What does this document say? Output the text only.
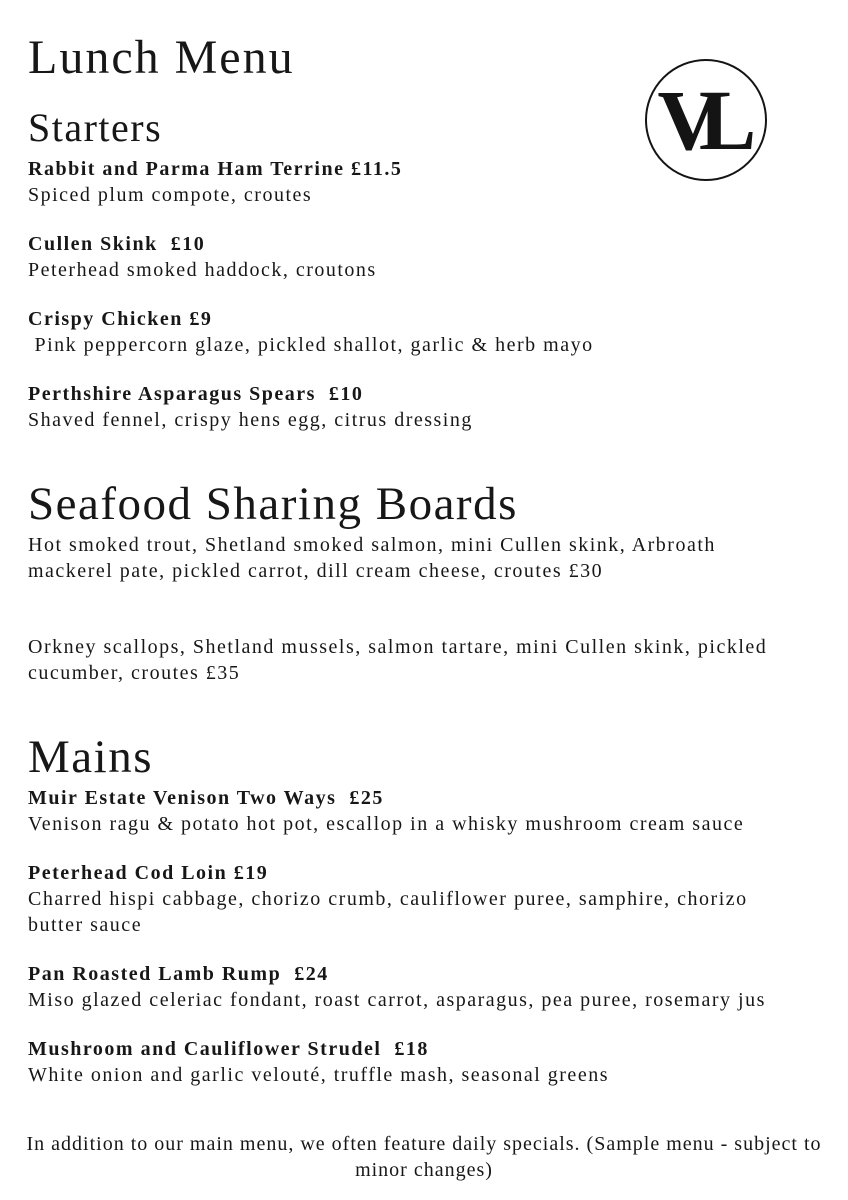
VL
Lunch Menu
Starters

Rabbit and Parma Ham Terrine £11.5

Spiced plum compote, croutes

Cullen Skink  £10

Peterhead smoked haddock, croutons

Crispy Chicken £9

Pink peppercorn glaze, pickled shallot, garlic & herb mayo

Perthshire Asparagus Spears  £10

Shaved fennel, crispy hens egg, citrus dressing

Seafood Sharing Boards

Hot smoked trout, Shetland smoked salmon, mini Cullen skink, Arbroath mackerel pate, pickled carrot, dill cream cheese, croutes £30

Orkney scallops, Shetland mussels, salmon tartare, mini Cullen skink, pickled cucumber, croutes £35

Mains

Muir Estate Venison Two Ways  £25

Venison ragu & potato hot pot, escallop in a whisky mushroom cream sauce

Peterhead Cod Loin £19

Charred hispi cabbage, chorizo crumb, cauliflower puree, samphire, chorizo butter sauce

Pan Roasted Lamb Rump  £24

Miso glazed celeriac fondant, roast carrot, asparagus, pea puree, rosemary jus

Mushroom and Cauliflower Strudel  £18

White onion and garlic velouté, truffle mash, seasonal greens

In addition to our main menu, we often feature daily specials. (Sample menu - subject to minor changes)
